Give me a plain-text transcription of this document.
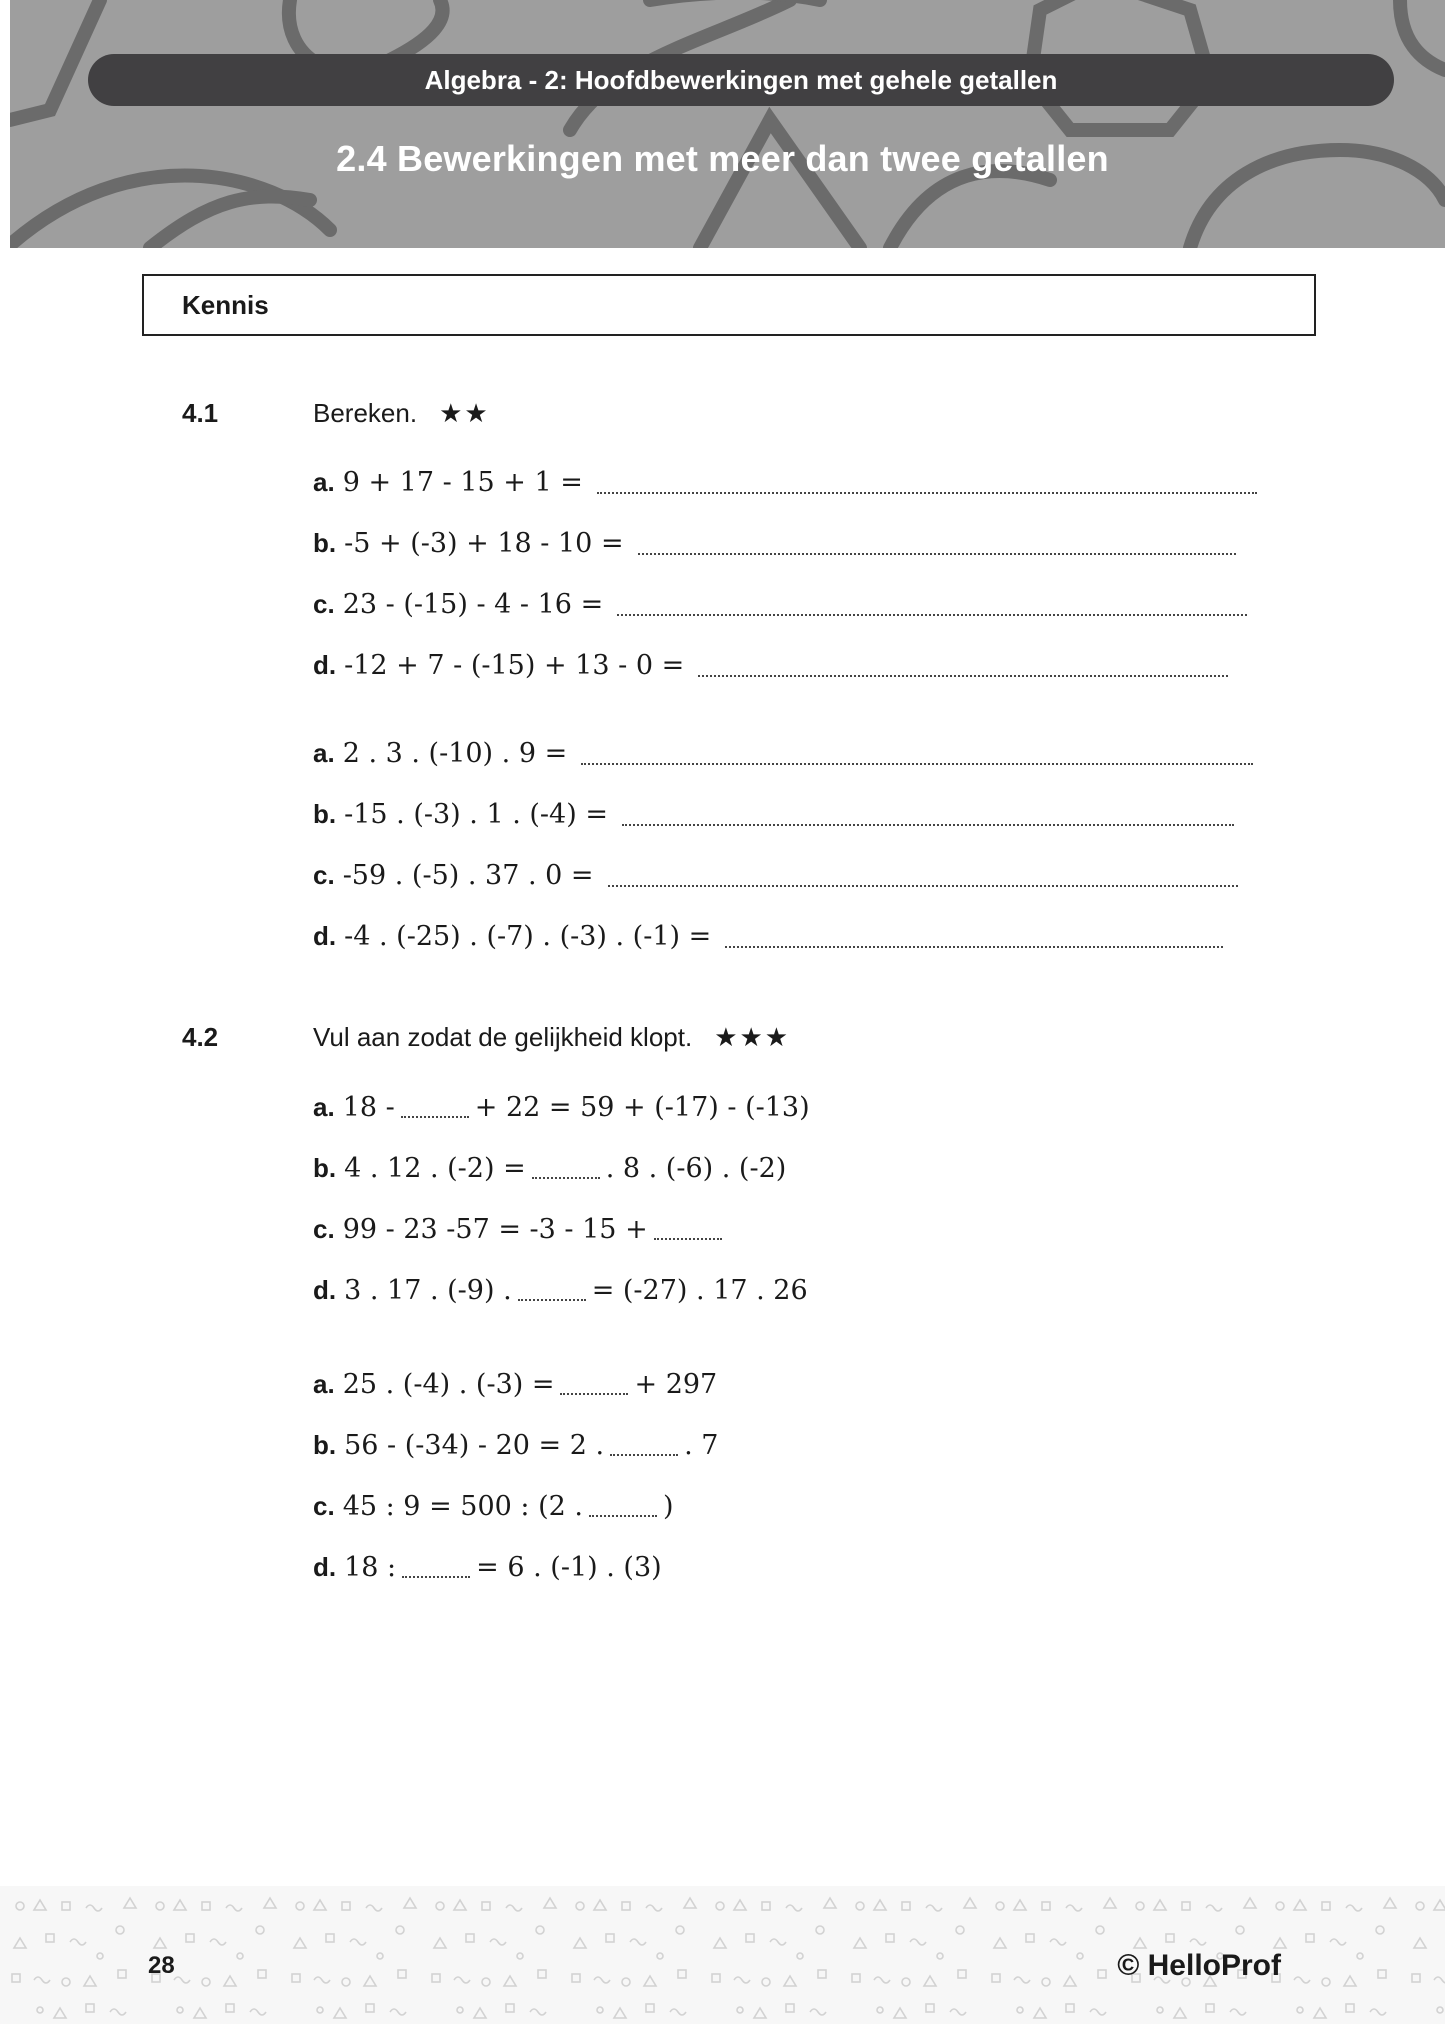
Algebra - 2: Hoofdbewerkingen met gehele getallen
2.4 Bewerkingen met meer dan twee getallen
Kennis
4.1	Bereken. ★★
a. 9 + 17 - 15 + 1 =
b. -5 + (-3) + 18 - 10 =
c. 23 - (-15) - 4 - 16 =
d. -12 + 7 - (-15) + 13 - 0 =
a. 2 . 3 . (-10) . 9 =
b. -15 . (-3) . 1 . (-4) =
c. -59 . (-5) . 37 . 0 =
d. -4 . (-25) . (-7) . (-3) . (-1) =
4.2	Vul aan zodat de gelijkheid klopt. ★★★
a. 18 -	+ 22 = 59 + (-17) - (-13)
b. 4 . 12 . (-2) =	. 8 . (-6) . (-2)
c. 99 - 23 -57 = -3 - 15 +
d. 3 . 17 . (-9) .	= (-27) . 17 . 26
a. 25 . (-4) . (-3) =	+ 297
b. 56 - (-34) - 20 = 2 .	. 7
c. 45 : 9 = 500 : (2 .	)
d. 18 :	= 6 . (-1) . (3)
28	© HelloProf
